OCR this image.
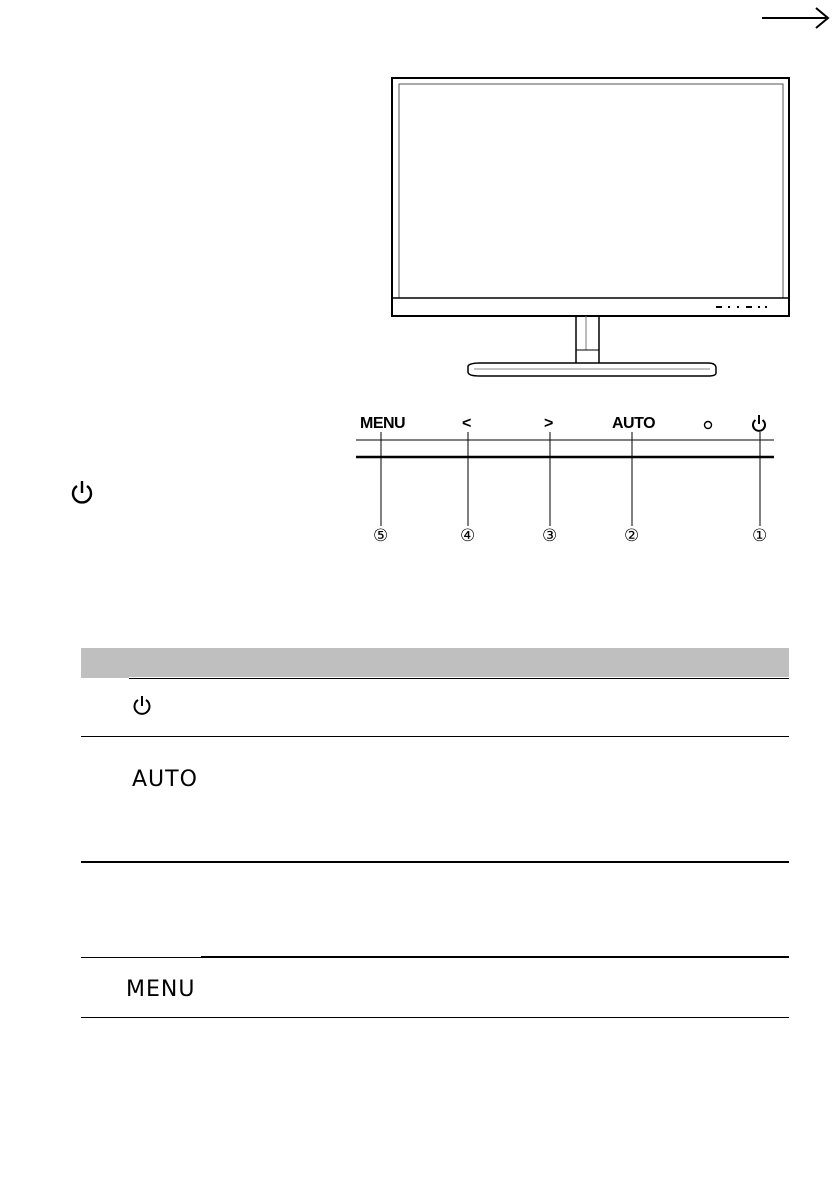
MENU	<	>	AUTO
⑤	④	③	②	①
AUTO
MENU
